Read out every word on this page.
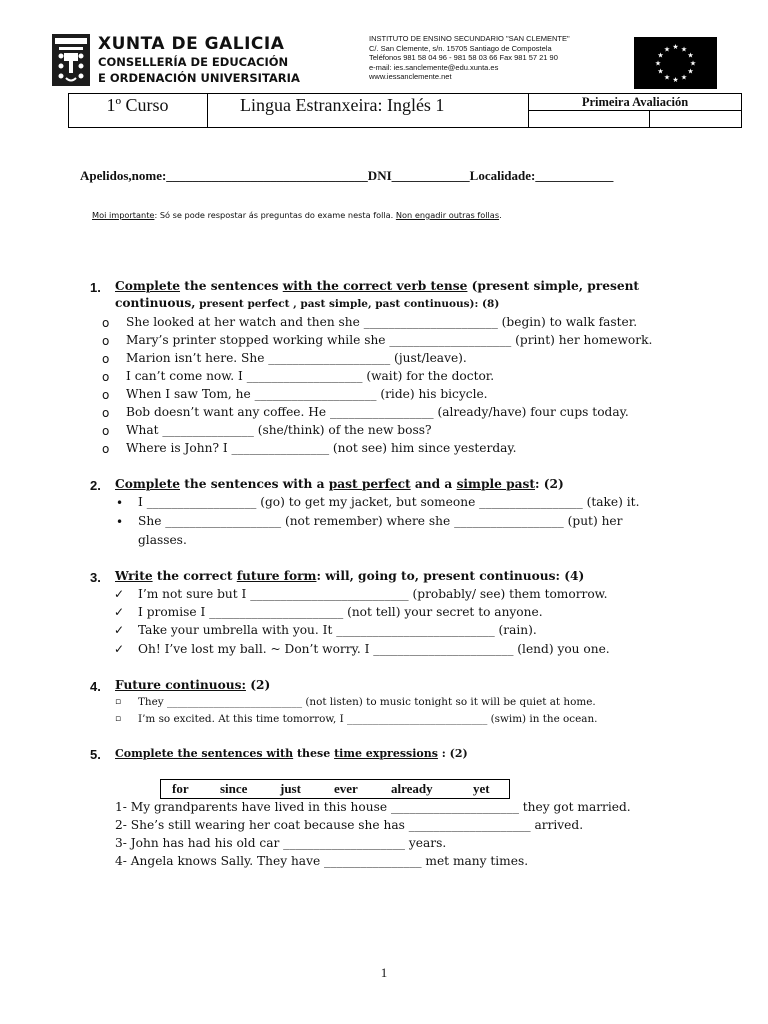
XUNTA DE GALICIA
CONSELLERÍA DE EDUCACIÓN
E ORDENACIÓN UNIVERSITARIA
INSTITUTO DE ENSINO SECUNDARIO "SAN CLEMENTE"
C/. San Clemente, s/n. 15705 Santiago de Compostela
Teléfonos 981 58 04 96 - 981 58 03 66 Fax 981 57 21 90
e-mail: ies.sanclemente@edu.xunta.es
www.iessanclemente.net
★ ★
★
★
★
★
★
★
★
★
★
★
1º Curso	Lingua Estranxeira: Inglés 1	Primeira Avaliación
Apelidos,nome:_______________________________DNI____________Localidade:____________
Moi importante: Só se pode respostar ás preguntas do exame nesta folla. Non engadir outras follas.
1. Complete the sentences with the correct verb tense (present simple, present
continuous, present perfect , past simple, past continuous): (8)
o She looked at her watch and then she ______________________ (begin) to walk faster.
o Mary’s printer stopped working while she ____________________ (print) her homework.
o Marion isn’t here. She ____________________ (just/leave).
o I can’t come now. I ___________________ (wait) for the doctor.
o When I saw Tom, he ____________________ (ride) his bicycle.
o Bob doesn’t want any coffee. He _________________ (already/have) four cups today.
o What _______________ (she/think) of the new boss?
o Where is John? I ________________ (not see) him since yesterday.
2. Complete the sentences with a past perfect and a simple past: (2)
• I __________________ (go) to get my jacket, but someone _________________ (take) it.
• She ___________________ (not remember) where she __________________ (put) her
glasses.
3. Write the correct future form: will, going to, present continuous: (4)
✓ I’m not sure but I __________________________ (probably/ see) them tomorrow.
✓ I promise I ______________________ (not tell) your secret to anyone.
✓ Take your umbrella with you. It __________________________ (rain).
✓ Oh! I’ve lost my ball. ~ Don’t worry. I _______________________ (lend) you one.
4. Future continuous: (2)
▫ They __________________________ (not listen) to music tonight so it will be quiet at home.
▫ I’m so excited. At this time tomorrow, I ___________________________ (swim) in the ocean.
5. Complete the sentences with these time expressions : (2)
for since	just	ever	already	yet
1- My grandparents have lived in this house _____________________ they got married.
2- She’s still wearing her coat because she has ____________________ arrived.
3- John has had his old car ____________________ years.
4- Angela knows Sally. They have ________________ met many times.
1
